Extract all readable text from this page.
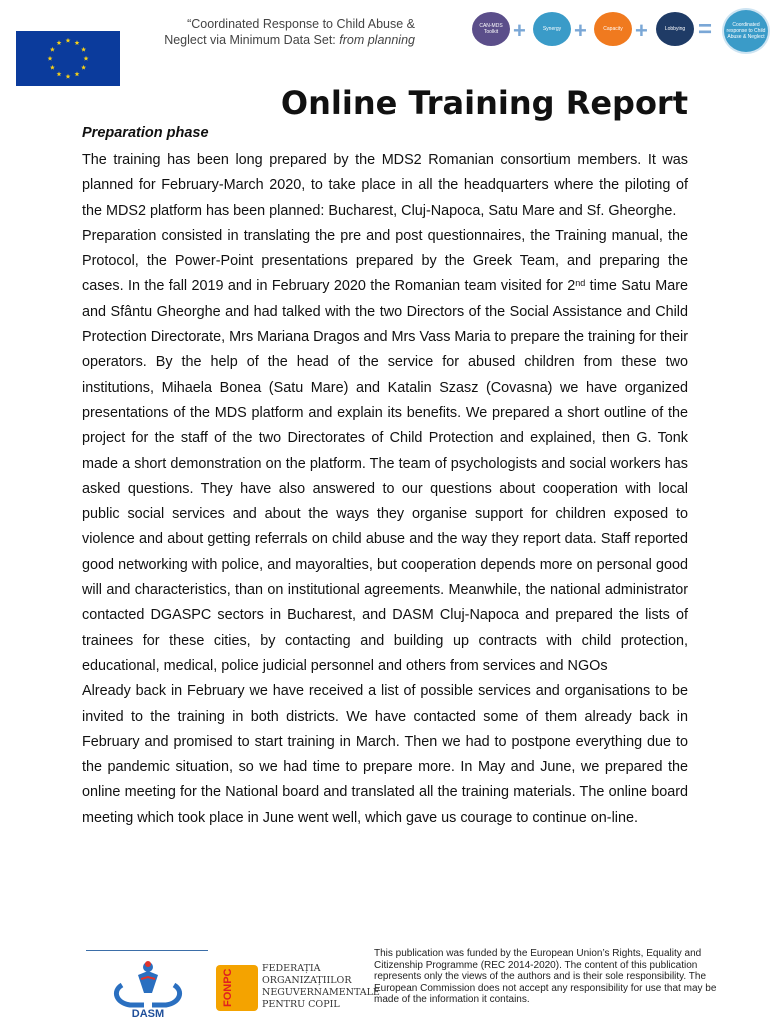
“Coordinated Response to Child Abuse &
Neglect via Minimum Data Set: from planning
CAN-MDS Toolkit +	Synergy +	Capacity +	Lobbying =	Coordinated response to Child Abuse & Neglect
Online Training Report
Preparation phase

The training has been long prepared by the MDS2 Romanian consortium members. It was planned for February-March 2020, to take place in all the headquarters where the piloting of the MDS2 platform has been planned: Bucharest, Cluj-Napoca, Satu Mare and Sf. Gheorghe.

Preparation consisted in translating the pre and post questionnaires, the Training manual, the Protocol, the Power-Point presentations prepared by the Greek Team, and preparing the cases. In the fall 2019 and in February 2020 the Romanian team visited for 2nd time Satu Mare and Sfântu Gheorghe and had talked with the two Directors of the Social Assistance and Child Protection Directorate, Mrs Mariana Dragos and Mrs Vass Maria to prepare the training for their operators. By the help of the head of the service for abused children from these two institutions, Mihaela Bonea (Satu Mare) and Katalin Szasz (Covasna) we have organized presentations of the MDS platform and explain its benefits. We prepared a short outline of the project for the staff of the two Directorates of Child Protection and explained, then G. Tonk made a short demonstration on the platform. The team of psychologists and social workers has asked questions. They have also answered to our questions about cooperation with local public social services and about the ways they organise support for children exposed to violence and about getting referrals on child abuse and the way they report data. Staff reported good networking with police, and mayoralties, but cooperation depends more on personal good will and characteristics, than on institutional agreements. Meanwhile, the national administrator contacted DGASPC sectors in Bucharest, and DASM Cluj-Napoca and prepared the lists of trainees for these cities, by contacting and building up contracts with child protection, educational, medical, police judicial personnel and others from services and NGOs

Already back in February we have received a list of possible services and organisations to be invited to the training in both districts. We have contacted some of them already back in February and promised to start training in March. Then we had to postpone everything due to the pandemic situation, so we had time to prepare more. In May and June, we prepared the online meeting for the National board and translated all the training materials. The online board meeting which took place in June went well, which gave us courage to continue on-line.

DASM
FONPC	FEDERAȚIA
ORGANIZAȚIILOR
NEGUVERNAMENTALE
PENTRU COPIL
This publication was funded by the European Union’s Rights, Equality and Citizenship Programme (REC 2014-2020). The content of this publication represents only the views of the authors and is their sole responsibility. The European Commission does not accept any responsibility for use that may be made of the information it contains.
